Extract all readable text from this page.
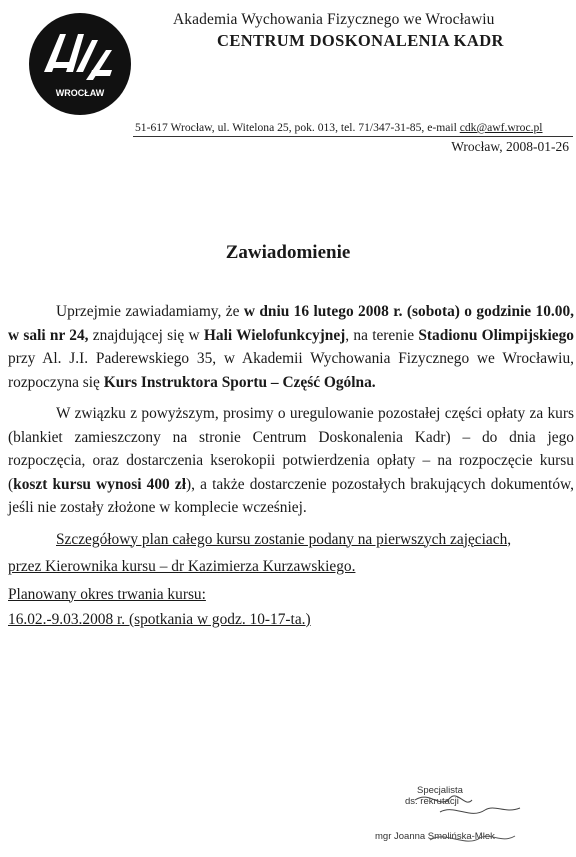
WROCŁAW
Akademia Wychowania Fizycznego we Wrocławiu
CENTRUM DOSKONALENIA KADR
51-617 Wrocław, ul. Witelona 25, pok. 013, tel. 71/347-31-85, e-mail cdk@awf.wroc.pl
Wrocław, 2008-01-26
Zawiadomienie

Uprzejmie zawiadamiamy, że w dniu 16 lutego 2008 r. (sobota) o godzinie 10.00, w sali nr 24, znajdującej się w Hali Wielofunkcyjnej, na terenie Stadionu Olimpijskiego przy Al. J.I. Paderewskiego 35, w Akademii Wychowania Fizycznego we Wrocławiu, rozpoczyna się Kurs Instruktora Sportu – Część Ogólna.

W związku z powyższym, prosimy o uregulowanie pozostałej części opłaty za kurs (blankiet zamieszczony na stronie Centrum Doskonalenia Kadr) – do dnia jego rozpoczęcia, oraz dostarczenia kserokopii potwierdzenia opłaty – na rozpoczęcie kursu (koszt kursu wynosi 400 zł), a także dostarczenie pozostałych brakujących dokumentów, jeśli nie zostały złożone w komplecie wcześniej.

Szczegółowy plan całego kursu zostanie podany na pierwszych zajęciach,

przez Kierownika kursu – dr Kazimierza Kurzawskiego.
Planowany okres trwania kursu:
16.02.-9.03.2008 r. (spotkania w godz. 10-17-ta.)
Specjalista
ds. rekrutacji
mgr Joanna Smolińska-Mlek
